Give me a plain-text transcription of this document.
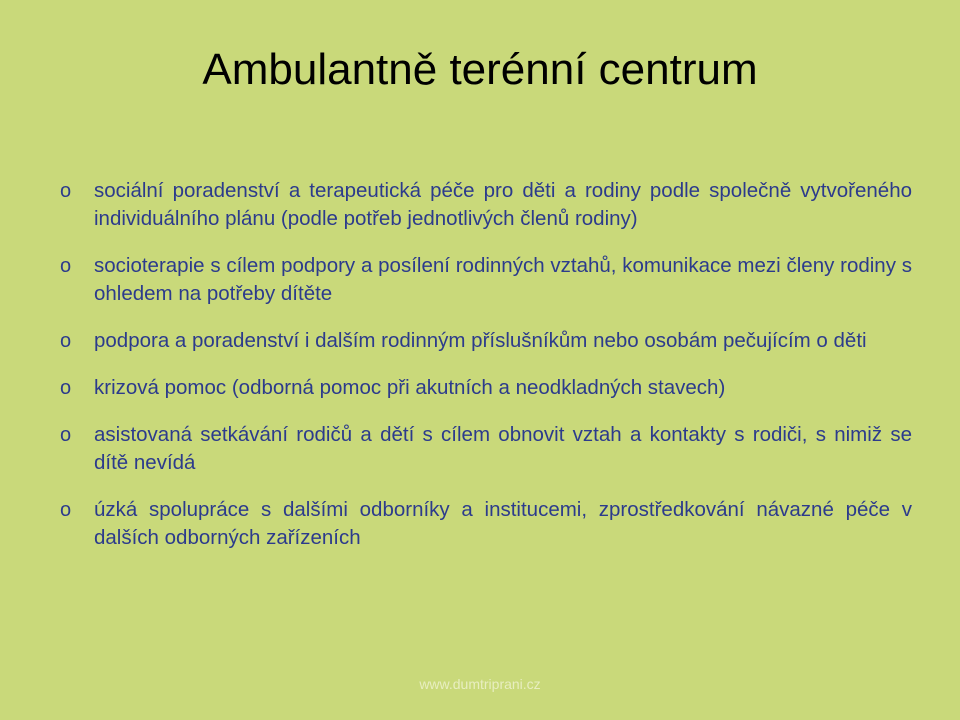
Ambulantně terénní centrum
o sociální poradenství a terapeutická péče pro děti a rodiny podle společně vytvořeného individuálního plánu (podle potřeb jednotlivých členů rodiny)
o socioterapie s cílem podpory a posílení rodinných vztahů, komunikace mezi členy rodiny s ohledem na potřeby dítěte
o podpora a poradenství i dalším rodinným příslušníkům nebo osobám pečujícím o děti
o krizová pomoc (odborná pomoc při akutních a neodkladných stavech)
o asistovaná setkávání rodičů a dětí s cílem obnovit vztah a kontakty s rodiči, s nimiž se dítě nevídá
o úzká spolupráce s dalšími odborníky a institucemi, zprostředkování návazné péče v dalších odborných zařízeních
www.dumtriprani.cz
